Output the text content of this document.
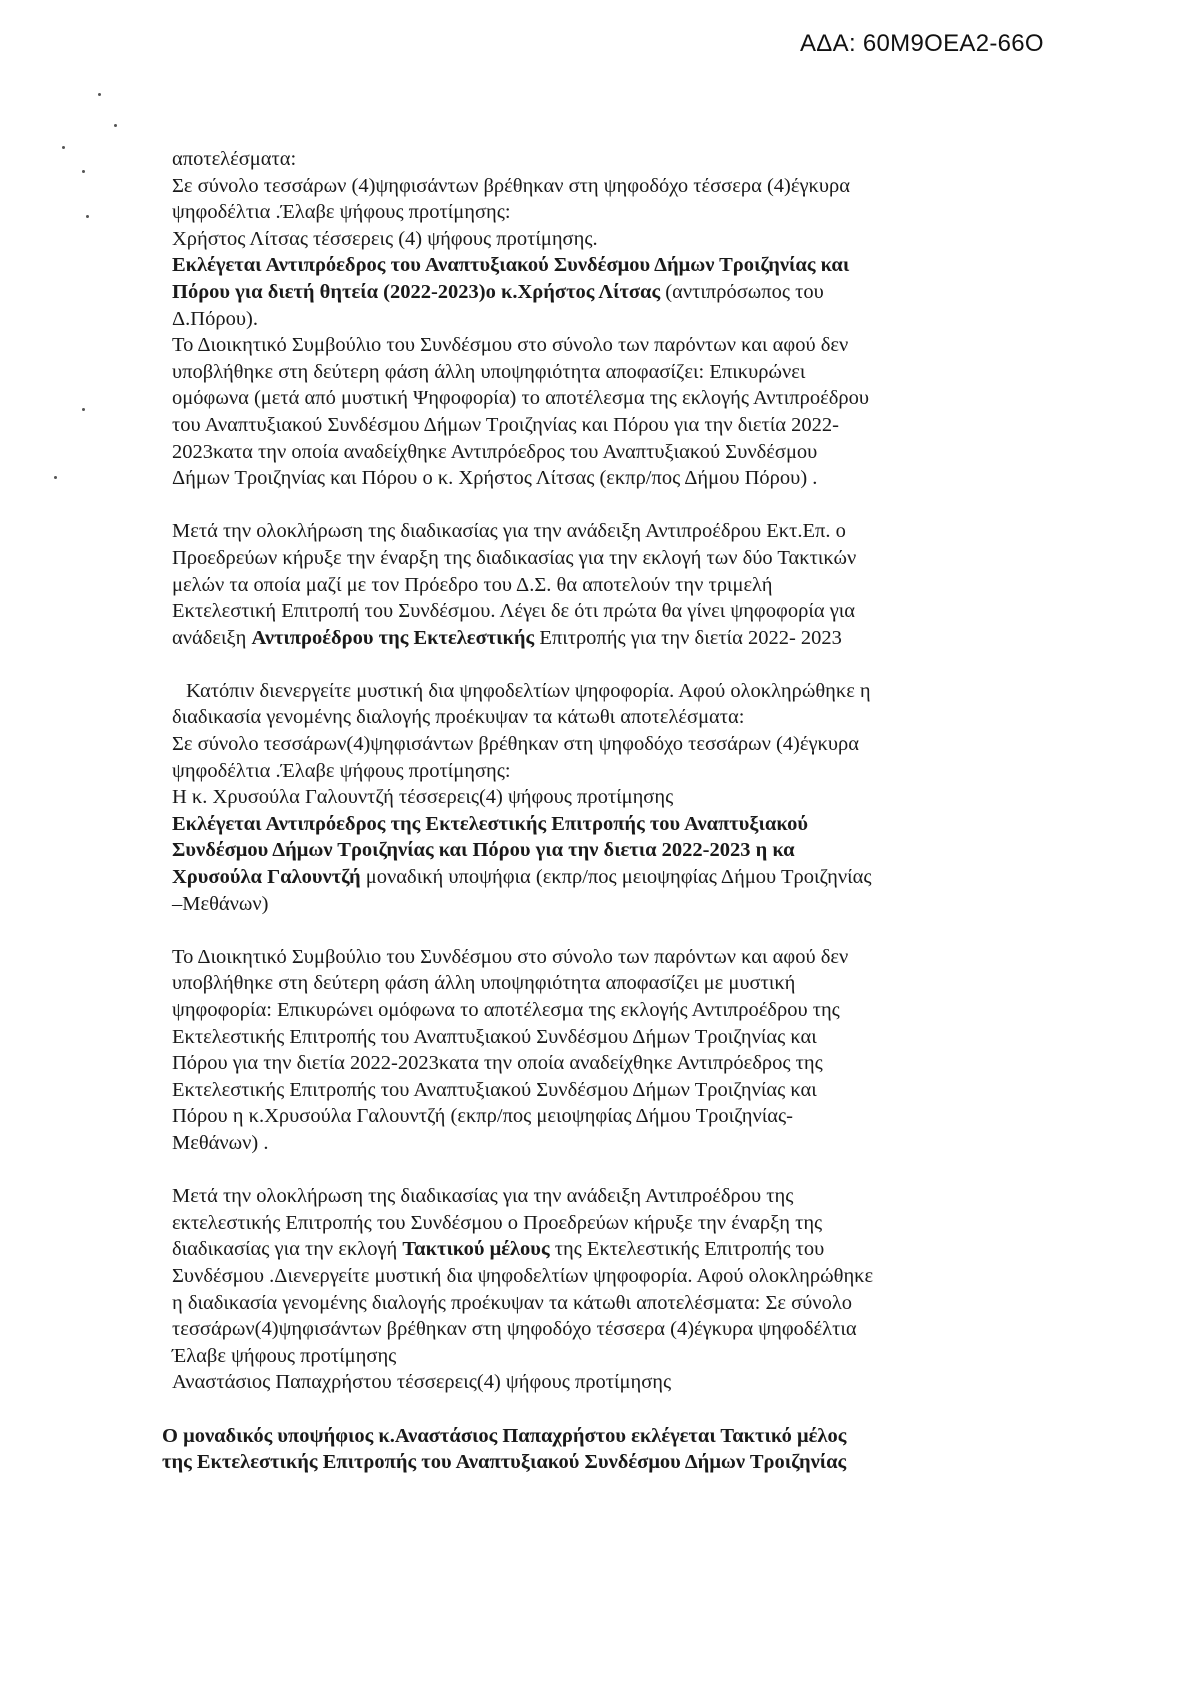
ΑΔΑ: 60Μ9ΟΕΑ2-66Ο
αποτελέσματα:
Σε σύνολο τεσσάρων (4)ψηφισάντων βρέθηκαν στη ψηφοδόχο τέσσερα (4)έγκυρα
ψηφοδέλτια .Έλαβε ψήφους προτίμησης:
Χρήστος Λίτσας τέσσερεις (4) ψήφους προτίμησης.
Εκλέγεται Αντιπρόεδρος του Αναπτυξιακού Συνδέσμου Δήμων Τροιζηνίας και
Πόρου για διετή θητεία (2022-2023)ο κ.Χρήστος Λίτσας (αντιπρόσωπος του
Δ.Πόρου).
Το Διοικητικό Συμβούλιο του Συνδέσμου στο σύνολο των παρόντων και αφού δεν
υποβλήθηκε στη δεύτερη φάση άλλη υποψηφιότητα αποφασίζει: Επικυρώνει
ομόφωνα (μετά από μυστική Ψηφοφορία) το αποτέλεσμα της εκλογής Αντιπροέδρου
του Αναπτυξιακού Συνδέσμου Δήμων Τροιζηνίας και Πόρου για την διετία 2022-
2023κατα την οποία αναδείχθηκε Αντιπρόεδρος του Αναπτυξιακού Συνδέσμου
Δήμων Τροιζηνίας και Πόρου ο κ. Χρήστος Λίτσας (εκπρ/πος Δήμου Πόρου) .
Μετά την ολοκλήρωση της διαδικασίας για την ανάδειξη Αντιπροέδρου Εκτ.Επ. ο
Προεδρεύων κήρυξε την έναρξη της διαδικασίας για την εκλογή των δύο Τακτικών
μελών τα οποία μαζί με τον Πρόεδρο του Δ.Σ. θα αποτελούν την τριμελή
Εκτελεστική Επιτροπή του Συνδέσμου. Λέγει δε ότι πρώτα θα γίνει ψηφοφορία για
ανάδειξη Αντιπροέδρου της Εκτελεστικής Επιτροπής για την διετία 2022- 2023
Κατόπιν διενεργείτε μυστική δια ψηφοδελτίων ψηφοφορία. Αφού ολοκληρώθηκε η
διαδικασία γενομένης διαλογής προέκυψαν τα κάτωθι αποτελέσματα:
Σε σύνολο τεσσάρων(4)ψηφισάντων βρέθηκαν στη ψηφοδόχο τεσσάρων (4)έγκυρα
ψηφοδέλτια .Έλαβε ψήφους προτίμησης:
Η κ. Χρυσούλα Γαλουντζή τέσσερεις(4) ψήφους προτίμησης
Εκλέγεται Αντιπρόεδρος της Εκτελεστικής Επιτροπής του Αναπτυξιακού
Συνδέσμου Δήμων Τροιζηνίας και Πόρου για την διετια 2022-2023 η κα
Χρυσούλα Γαλουντζή μοναδική υποψήφια (εκπρ/πος μειοψηφίας Δήμου Τροιζηνίας
–Μεθάνων)
Το Διοικητικό Συμβούλιο του Συνδέσμου στο σύνολο των παρόντων και αφού δεν
υποβλήθηκε στη δεύτερη φάση άλλη υποψηφιότητα αποφασίζει με μυστική
ψηφοφορία: Επικυρώνει ομόφωνα το αποτέλεσμα της εκλογής Αντιπροέδρου της
Εκτελεστικής Επιτροπής του Αναπτυξιακού Συνδέσμου Δήμων Τροιζηνίας και
Πόρου για την διετία 2022-2023κατα την οποία αναδείχθηκε Αντιπρόεδρος της
Εκτελεστικής Επιτροπής του Αναπτυξιακού Συνδέσμου Δήμων Τροιζηνίας και
Πόρου η κ.Χρυσούλα Γαλουντζή (εκπρ/πος μειοψηφίας Δήμου Τροιζηνίας-
Μεθάνων) .
Μετά την ολοκλήρωση της διαδικασίας για την ανάδειξη Αντιπροέδρου της
εκτελεστικής Επιτροπής του Συνδέσμου ο Προεδρεύων κήρυξε την έναρξη της
διαδικασίας για την εκλογή Τακτικού μέλους της Εκτελεστικής Επιτροπής του
Συνδέσμου .Διενεργείτε μυστική δια ψηφοδελτίων ψηφοφορία. Αφού ολοκληρώθηκε
η διαδικασία γενομένης διαλογής προέκυψαν τα κάτωθι αποτελέσματα: Σε σύνολο
τεσσάρων(4)ψηφισάντων βρέθηκαν στη ψηφοδόχο τέσσερα (4)έγκυρα ψηφοδέλτια
Έλαβε ψήφους προτίμησης
Αναστάσιος Παπαχρήστου τέσσερεις(4) ψήφους προτίμησης
Ο μοναδικός υποψήφιος κ.Αναστάσιος Παπαχρήστου εκλέγεται Τακτικό μέλος
της Εκτελεστικής Επιτροπής του Αναπτυξιακού Συνδέσμου Δήμων Τροιζηνίας
